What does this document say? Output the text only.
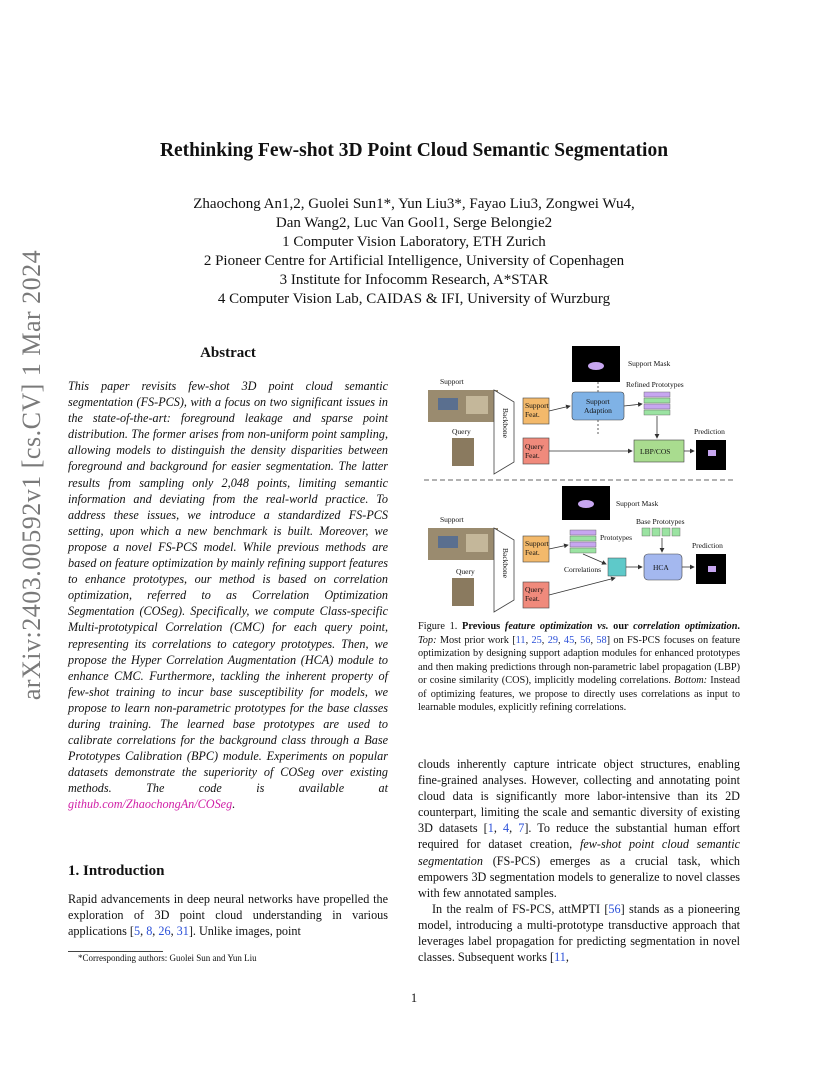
arXiv:2403.00592v1 [cs.CV] 1 Mar 2024
Rethinking Few-shot 3D Point Cloud Semantic Segmentation
Zhaochong An1,2, Guolei Sun1*, Yun Liu3*, Fayao Liu3, Zongwei Wu4,
Dan Wang2, Luc Van Gool1, Serge Belongie2
1 Computer Vision Laboratory, ETH Zurich
2 Pioneer Centre for Artificial Intelligence, University of Copenhagen
3 Institute for Infocomm Research, A*STAR
4 Computer Vision Lab, CAIDAS & IFI, University of Wurzburg
Abstract
This paper revisits few-shot 3D point cloud semantic segmentation (FS-PCS), with a focus on two significant issues in the state-of-the-art: foreground leakage and sparse point distribution. The former arises from non-uniform point sampling, allowing models to distinguish the density disparities between foreground and background for easier segmentation. The latter results from sampling only 2,048 points, limiting semantic information and deviating from the real-world practice. To address these issues, we introduce a standardized FS-PCS setting, upon which a new benchmark is built. Moreover, we propose a novel FS-PCS model. While previous methods are based on feature optimization by mainly refining support features to enhance prototypes, our method is based on correlation optimization, referred to as Correlation Optimization Segmentation (COSeg). Specifically, we compute Class-specific Multi-prototypical Correlation (CMC) for each query point, representing its correlations to category prototypes. Then, we propose the Hyper Correlation Augmentation (HCA) module to enhance CMC. Furthermore, tackling the inherent property of few-shot training to incur base susceptibility for models, we propose to learn non-parametric prototypes for the base classes during training. The learned base prototypes are used to calibrate correlations for the background class through a Base Prototypes Calibration (BPC) module. Experiments on popular datasets demonstrate the superiority of COSeg over existing methods. The code is available at github.com/ZhaochongAn/COSeg.
1. Introduction
Rapid advancements in deep neural networks have propelled the exploration of 3D point cloud understanding in various applications [5, 8, 26, 31]. Unlike images, point
*Corresponding authors: Guolei Sun and Yun Liu
1
Support Mask
Refined Prototypes
Support
Query	Backbone
Support
Feat.
Query
Feat.
Support
Adaption
LBP/COS
Prediction
Support Mask
Base Prototypes
Support
Query	Backbone
Support
Feat.
Query
Feat.
Prototypes
Correlations	HCA
Prediction
Figure 1. Previous feature optimization vs. our correlation optimization. Top: Most prior work [11, 25, 29, 45, 56, 58] on FS-PCS focuses on feature optimization by designing support adaption modules for enhanced prototypes and then making predictions through non-parametric label propagation (LBP) or cosine similarity (COS), implicitly modeling correlations. Bottom: Instead of optimizing features, we propose to directly uses correlations as input to learnable modules, explicitly refining correlations.

clouds inherently capture intricate object structures, enabling fine-grained analyses. However, collecting and annotating point cloud data is significantly more labor-intensive than its 2D counterpart, limiting the scale and semantic diversity of existing 3D datasets [1, 4, 7]. To reduce the substantial human effort required for dataset creation, few-shot point cloud semantic segmentation (FS-PCS) emerges as a crucial task, which empowers 3D segmentation models to generalize to novel classes with few annotated samples.

In the realm of FS-PCS, attMPTI [56] stands as a pioneering model, introducing a multi-prototype transductive approach that leverages label propagation for predicting segmentation in novel classes. Subsequent works [11,
